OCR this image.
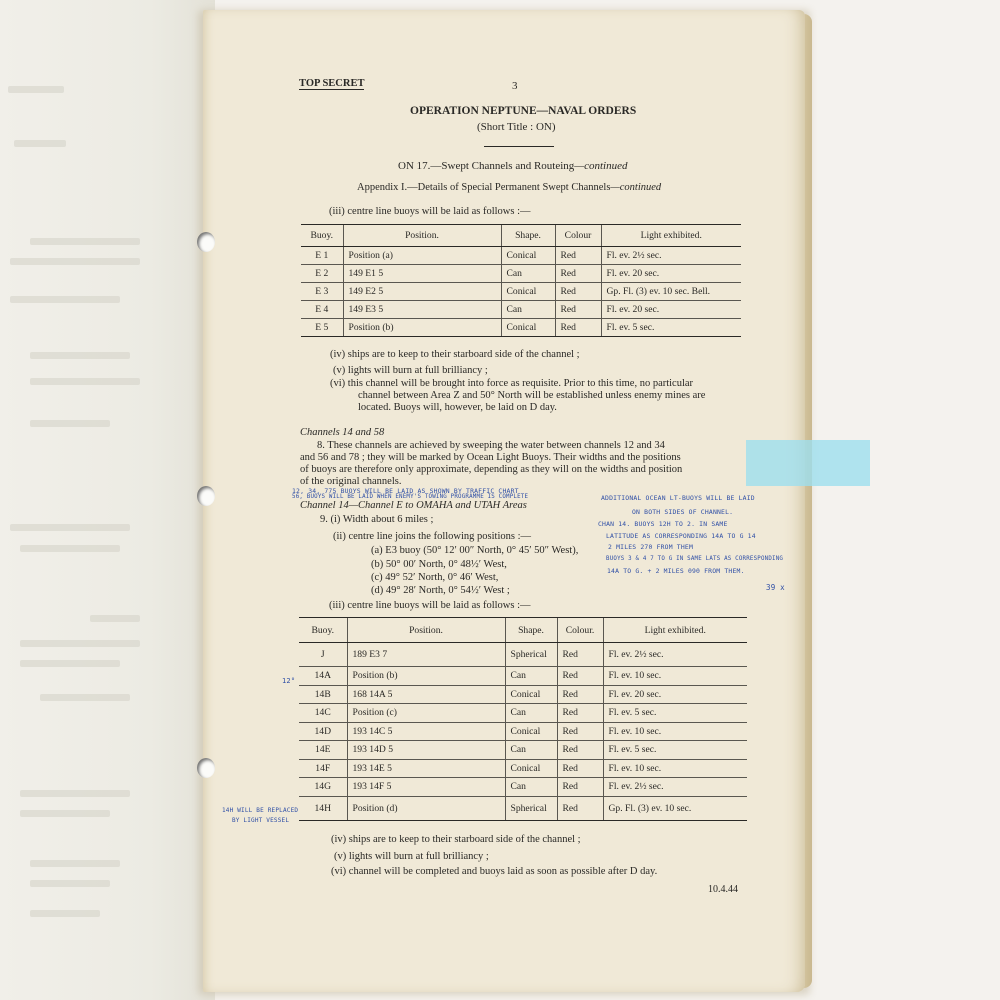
TOP SECRET	3
OPERATION NEPTUNE—NAVAL ORDERS
(Short Title : ON)
ON 17.—Swept Channels and Routeing—continued
Appendix I.—Details of Special Permanent Swept Channels—continued
(iii) centre line buoys will be laid as follows :—
Buoy.	Position.	Shape.	Colour	Light exhibited.
E 1	Position (a)	Conical	Red	Fl. ev. 2½ sec.
E 2	149 E1 5	Can	Red	Fl. ev. 20 sec.
E 3	149 E2 5	Conical	Red	Gp. Fl. (3) ev. 10 sec. Bell.
E 4	149 E3 5	Can	Red	Fl. ev. 20 sec.
E 5	Position (b)	Conical	Red	Fl. ev. 5 sec.
(iv) ships are to keep to their starboard side of the channel ;
(v) lights will burn at full brilliancy ;
(vi) this channel will be brought into force as requisite. Prior to this time, no particular
channel between Area Z and 50° North will be established unless enemy mines are
located. Buoys will, however, be laid on D day.
Channels 14 and 58
8. These channels are achieved by sweeping the water between channels 12 and 34
and 56 and 78 ; they will be marked by Ocean Light Buoys. Their widths and the positions
of buoys are therefore only approximate, depending as they will on the widths and position
of the original channels.
Channel 14—Channel E to OMAHA and UTAH Areas
9. (i) Width about 6 miles ;
(ii) centre line joins the following positions :—
(a) E3 buoy (50° 12′ 00″ North, 0° 45′ 50″ West),
(b) 50° 00′ North, 0° 48½′ West,
(c) 49° 52′ North, 0° 46′ West,
(d) 49° 28′ North, 0° 54½′ West ;
(iii) centre line buoys will be laid as follows :—
Buoy.	Position.	Shape.	Colour.	Light exhibited.
J	189 E3 7	Spherical	Red	Fl. ev. 2½ sec.
14A	Position (b)	Can	Red	Fl. ev. 10 sec.
14B	168 14A 5	Conical	Red	Fl. ev. 20 sec.
14C	Position (c)	Can	Red	Fl. ev. 5 sec.
14D	193 14C 5	Conical	Red	Fl. ev. 10 sec.
14E	193 14D 5	Can	Red	Fl. ev. 5 sec.
14F	193 14E 5	Conical	Red	Fl. ev. 10 sec.
14G	193 14F 5	Can	Red	Fl. ev. 2½ sec.
14H	Position (d)	Spherical	Red	Gp. Fl. (3) ev. 10 sec.
(iv) ships are to keep to their starboard side of the channel ;
(v) lights will burn at full brilliancy ;
(vi) channel will be completed and buoys laid as soon as possible after D day.
10.4.44
12, 34, 775 BUOYS WILL BE LAID AS SHOWN BY TRAFFIC CHART
56, BUOYS WILL BE LAID WHEN ENEMY'S TOWING PROGRAMME IS COMPLETE	ADDITIONAL OCEAN LT-BUOYS WILL BE LAID
ON BOTH SIDES OF CHANNEL.
CHAN 14. BUOYS 12H TO 2. IN SAME
LATITUDE AS CORRESPONDING 14A TO G 14
2 MILES 270 FROM THEM
BUOYS 3 & 4 7 TO G IN SAME LATS AS CORRESPONDING
14A TO G. + 2 MILES 090 FROM THEM.
39 x
12°
14H WILL BE REPLACED
BY LIGHT VESSEL
